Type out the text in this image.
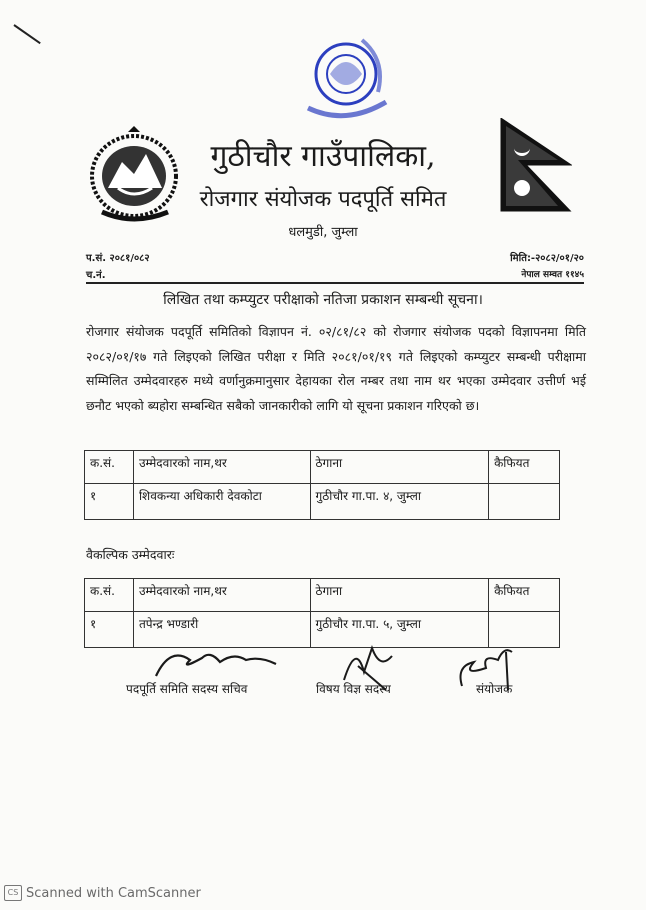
गुठीचौर गाउँपालिका,
रोजगार संयोजक पदपूर्ति समित
धलमुडी, जुम्ला
प.सं. २०८१/०८२
च.नं.
मिति:-२०८२/०१/२०
नेपाल सम्वत ११४५
लिखित तथा कम्प्युटर परीक्षाको नतिजा प्रकाशन सम्बन्धी सूचना।
रोजगार संयोजक पदपूर्ति समितिको विज्ञापन नं. ०२/८१/८२ को रोजगार संयोजक पदको विज्ञापनमा मिति २०८२/०१/१७ गते लिइएको लिखित परीक्षा र मिति २०८१/०१/१९ गते लिइएको कम्प्युटर सम्बन्धी परीक्षामा सम्मिलित उम्मेदवारहरु मध्ये वर्णानुक्रमानुसार देहायका रोल नम्बर तथा नाम थर भएका उम्मेदवार उत्तीर्ण भई छनौट भएको ब्यहोरा सम्बन्धित सबैको जानकारीको लागि यो सूचना प्रकाशन गरिएको छ।
क.सं.	उम्मेदवारको नाम,थर	ठेगाना	कैफियत
१	शिवकन्या अधिकारी देवकोटा	गुठीचौर गा.पा. ४, जुम्ला	
वैकल्पिक उम्मेदवारः
क.सं.	उम्मेदवारको नाम,थर	ठेगाना	कैफियत
१	तपेन्द्र भण्डारी	गुठीचौर गा.पा. ५, जुम्ला	
पदपूर्ति समिति सदस्य सचिव	विषय विज्ञ सदस्य	संयोजक
CS Scanned with CamScanner
